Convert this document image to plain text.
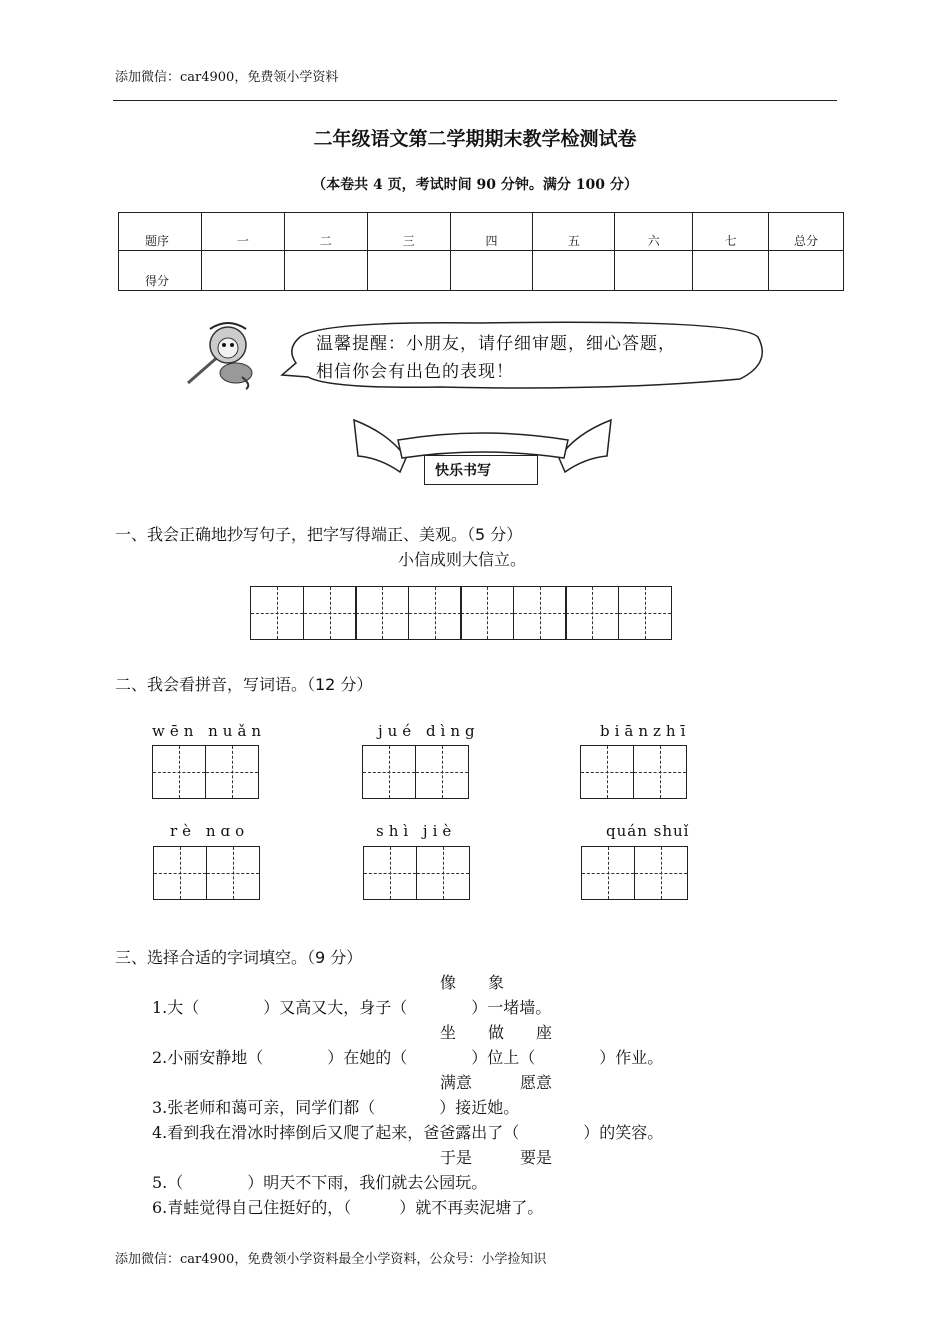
添加微信：car4900，免费领小学资料
二年级语文第二学期期末教学检测试卷
（本卷共 4 页，考试时间 90 分钟。满分 100 分）
题序	一	二	三	四	五	六	七	总分
得分								
温馨提醒：小朋友，请仔细审题，细心答题，
相信你会有出色的表现！
快乐书写
一、我会正确地抄写句子，把字写得端正、美观。（5 分）
小信成则大信立。
二、我会看拼音，写词语。（12 分）
wēn nuǎn	jué dìng	biānzhī
rè nɑo	shì jiè	quán shuǐ
三、选择合适的字词填空。（9 分）
像　　象
1.大（　　　　）又高又大，身子（　　　　）一堵墙。
坐　　做　　座
2.小丽安静地（　　　　）在她的（　　　　）位上（　　　　）作业。
满意　　　愿意
3.张老师和蔼可亲，同学们都（　　　　）接近她。
4.看到我在滑冰时摔倒后又爬了起来，爸爸露出了（　　　　）的笑容。
于是　　　要是
5.（　　　　）明天不下雨，我们就去公园玩。
6.青蛙觉得自己住挺好的，（　　　）就不再卖泥塘了。
添加微信：car4900，免费领小学资料最全小学资料，公众号：小学捡知识
